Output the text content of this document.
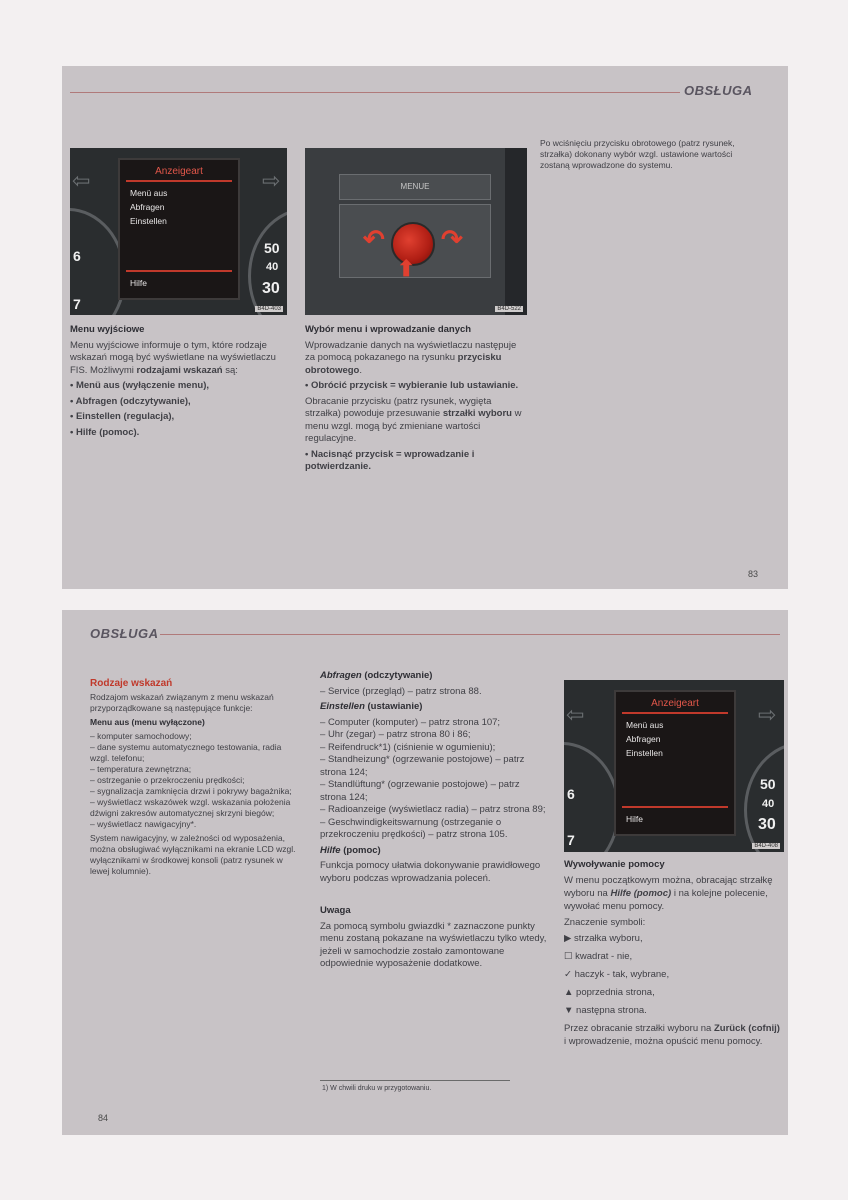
OBSŁUGA
6
7
50
40
30
⇦	⇨
Anzeigeart
Menü aus
Abfragen
Einstellen
Hilfe
B4D-403
MENUE
↶ ↷
⬆
B4D-522

Menu wyjściowe

Menu wyjściowe informuje o tym, które rodzaje wskazań mogą być wyświetlane na wyświetlaczu FIS. Możliwymi rodzajami wskazań są:

• Menü aus (wyłączenie menu),

• Abfragen (odczytywanie),

• Einstellen (regulacja),

• Hilfe (pomoc).

Wybór menu i wprowadzanie danych

Wprowadzanie danych na wyświetlaczu następuje za pomocą pokazanego na rysunku przycisku obrotowego.

• Obrócić przycisk = wybieranie lub ustawianie.

Obracanie przycisku (patrz rysunek, wygięta strzałka) powoduje przesuwanie strzałki wyboru w menu wzgl. mogą być zmieniane wartości regulacyjne.

• Nacisnąć przycisk = wprowadzanie i potwierdzanie.

Po wciśnięciu przycisku obrotowego (patrz rysunek, strzałka) dokonany wybór wzgl. ustawione wartości zostaną wprowadzone do systemu.

83
OBSŁUGA

Rodzaje wskazań

Rodzajom wskazań związanym z menu wskazań przyporządkowane są następujące funkcje:

Menu aus (menu wyłączone)

– komputer samochodowy;
– dane systemu automatycznego testowania, radia wzgl. telefonu;
– temperatura zewnętrzna;
– ostrzeganie o przekroczeniu prędkości;
– sygnalizacja zamknięcia drzwi i pokrywy bagażnika;
– wyświetlacz wskazówek wzgl. wskazania położenia dźwigni zakresów automatycznej skrzyni biegów;
– wyświetlacz nawigacyjny*.

System nawigacyjny, w zależności od wyposażenia, można obsługiwać wyłącznikami na ekranie LCD wzgl. wyłącznikami w środkowej konsoli (patrz rysunek w lewej kolumnie).

Abfragen (odczytywanie)

– Service (przegląd) – patrz strona 88.

Einstellen (ustawianie)

– Computer (komputer) – patrz strona 107;
– Uhr (zegar) – patrz strona 80 i 86;
– Reifendruck*1) (ciśnienie w ogumieniu);
– Standheizung* (ogrzewanie postojowe) – patrz strona 124;
– Standlüftung* (ogrzewanie postojowe) – patrz strona 124;
– Radioanzeige (wyświetlacz radia) – patrz strona 89;
– Geschwindigkeitswarnung (ostrzeganie o przekroczeniu prędkości) – patrz strona 105.

Hilfe (pomoc)

Funkcja pomocy ułatwia dokonywanie prawidłowego wyboru podczas wprowadzania poleceń.

Uwaga

Za pomocą symbolu gwiazdki * zaznaczone punkty menu zostaną pokazane na wyświetlaczu tylko wtedy, jeżeli w samochodzie zostało zamontowane odpowiednie wyposażenie dodatkowe.

1) W chwili druku w przygotowaniu.
6
7
50
40
30
⇦	⇨
Anzeigeart
Menü aus
Abfragen
Einstellen
Hilfe
B4D-408

Wywoływanie pomocy

W menu początkowym można, obracając strzałkę wyboru na Hilfe (pomoc) i na kolejne polecenie, wywołać menu pomocy.

Znaczenie symboli:

▶ strzałka wyboru,

☐ kwadrat - nie,

✓ haczyk - tak, wybrane,

▲ poprzednia strona,

▼ następna strona.

Przez obracanie strzałki wyboru na Zurück (cofnij) i wprowadzenie, można opuścić menu pomocy.

84
